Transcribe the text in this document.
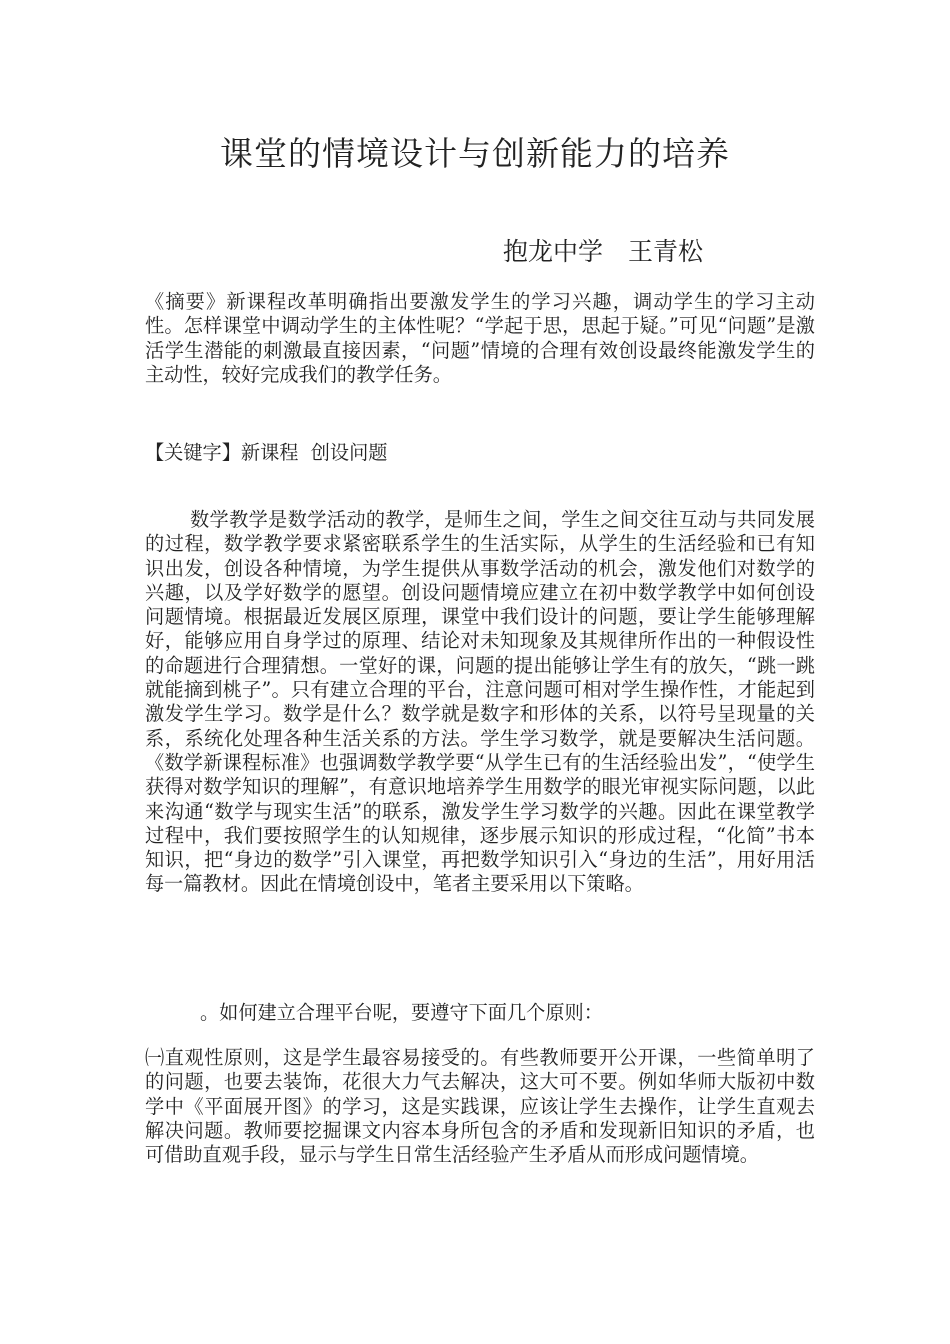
课堂的情境设计与创新能力的培养

抱龙中学　王青松

《摘要》新课程改革明确指出要激发学生的学习兴趣，调动学生的学习主动性。怎样课堂中调动学生的主体性呢？“学起于思，思起于疑。”可见“问题”是激活学生潜能的刺激最直接因素，“问题”情境的合理有效创设最终能激发学生的主动性，较好完成我们的教学任务。

【关键字】新课程  创设问题

数学教学是数学活动的教学，是师生之间，学生之间交往互动与共同发展的过程，数学教学要求紧密联系学生的生活实际，从学生的生活经验和已有知识出发，创设各种情境，为学生提供从事数学活动的机会，激发他们对数学的兴趣，以及学好数学的愿望。创设问题情境应建立在初中数学教学中如何创设问题情境。根据最近发展区原理，课堂中我们设计的问题，要让学生能够理解好，能够应用自身学过的原理、结论对未知现象及其规律所作出的一种假设性的命题进行合理猜想。一堂好的课，问题的提出能够让学生有的放矢，“跳一跳就能摘到桃子”。只有建立合理的平台，注意问题可相对学生操作性，才能起到激发学生学习。数学是什么？数学就是数字和形体的关系，以符号呈现量的关系，系统化处理各种生活关系的方法。学生学习数学，就是要解决生活问题。《数学新课程标准》也强调数学教学要“从学生已有的生活经验出发”，“使学生获得对数学知识的理解”，有意识地培养学生用数学的眼光审视实际问题，以此来沟通“数学与现实生活”的联系，激发学生学习数学的兴趣。因此在课堂教学过程中，我们要按照学生的认知规律，逐步展示知识的形成过程，“化简”书本知识，把“身边的数学”引入课堂，再把数学知识引入“身边的生活”，用好用活每一篇教材。因此在情境创设中，笔者主要采用以下策略。

。如何建立合理平台呢，要遵守下面几个原则：

㈠直观性原则，这是学生最容易接受的。有些教师要开公开课，一些简单明了的问题，也要去装饰，花很大力气去解决，这大可不要。例如华师大版初中数学中《平面展开图》的学习，这是实践课，应该让学生去操作，让学生直观去解决问题。教师要挖掘课文内容本身所包含的矛盾和发现新旧知识的矛盾，也可借助直观手段，显示与学生日常生活经验产生矛盾从而形成问题情境。
